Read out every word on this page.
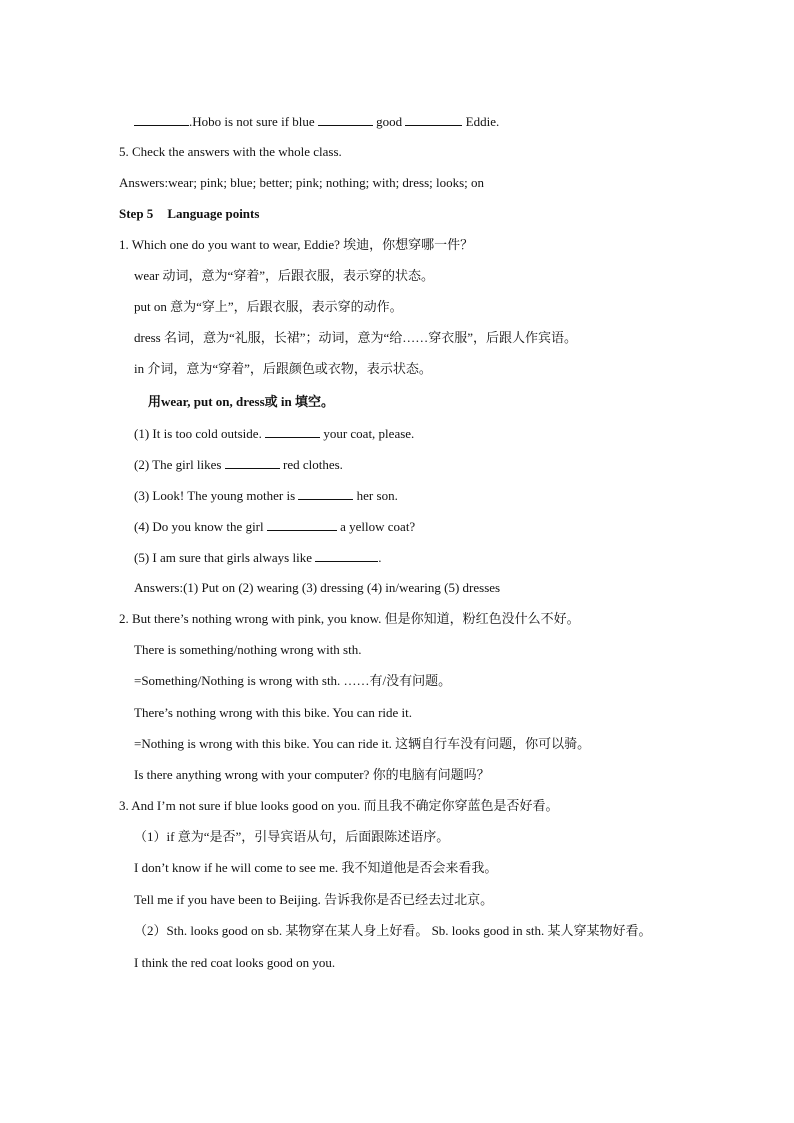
.Hobo is not sure if blue	good	Eddie.
5. Check the answers with the whole class.
Answers:wear; pink; blue; better; pink; nothing; with; dress; looks; on
Step 5 Language points
1. Which one do you want to wear, Eddie? 埃迪，你想穿哪一件？
wear 动词，意为“穿着”，后跟衣服，表示穿的状态。
put on 意为“穿上”，后跟衣服，表示穿的动作。
dress 名词，意为“礼服，长裙”；动词，意为“给……穿衣服”，后跟人作宾语。
in 介词，意为“穿着”，后跟颜色或衣物，表示状态。
用wear, put on, dress或 in 填空。
(1) It is too cold outside.	your coat, please.
(2) The girl likes	red clothes.
(3) Look! The young mother is	her son.
(4) Do you know the girl	a yellow coat?
(5) I am sure that girls always like	.
Answers:(1) Put on (2) wearing (3) dressing (4) in/wearing (5) dresses
2. But there’s nothing wrong with pink, you know. 但是你知道，粉红色没什么不好。
There is something/nothing wrong with sth.
=Something/Nothing is wrong with sth. ……有/没有问题。
There’s nothing wrong with this bike. You can ride it.
=Nothing is wrong with this bike. You can ride it. 这辆自行车没有问题，你可以骑。
Is there anything wrong with your computer? 你的电脑有问题吗？
3. And I’m not sure if blue looks good on you. 而且我不确定你穿蓝色是否好看。
（1）if 意为“是否”，引导宾语从句，后面跟陈述语序。
I don’t know if he will come to see me. 我不知道他是否会来看我。
Tell me if you have been to Beijing. 告诉我你是否已经去过北京。
（2）Sth. looks good on sb. 某物穿在某人身上好看。 Sb. looks good in sth. 某人穿某物好看。
I think the red coat looks good on you.
